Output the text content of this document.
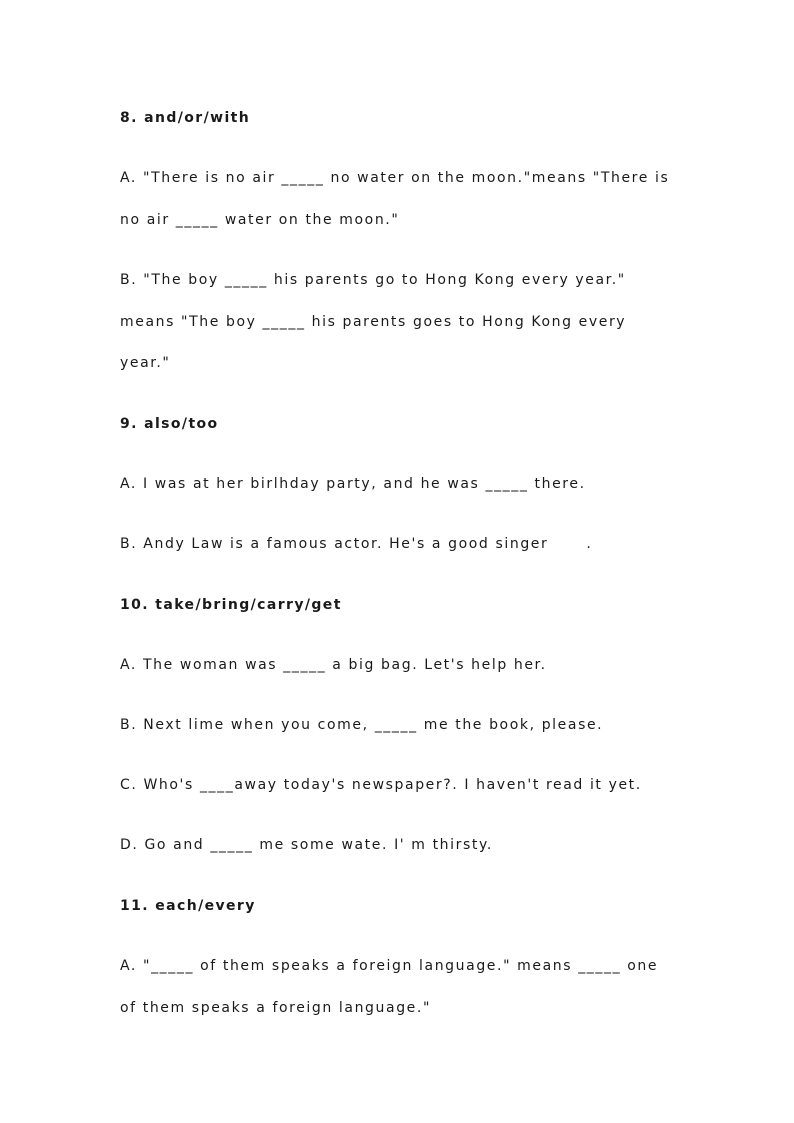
8. and/or/with
A. "There is no air _____ no water on the moon."means "There is
no air _____ water on the moon."
B. "The boy _____ his parents go to Hong Kong every year."
means "The boy _____ his parents goes to Hong Kong every
year."
9. also/too
A. I was at her birlhday party, and he was _____ there.
B. Andy Law is a famous actor. He's a good singer	.
10. take/bring/carry/get
A. The woman was _____ a big bag. Let's help her.
B. Next lime when you come, _____ me the book, please.
C. Who's ____away today's newspaper?. I haven't read it yet.
D. Go and _____ me some wate. I' m thirsty.
11. each/every
A. "_____ of them speaks a foreign language." means _____ one
of them speaks a foreign language."
